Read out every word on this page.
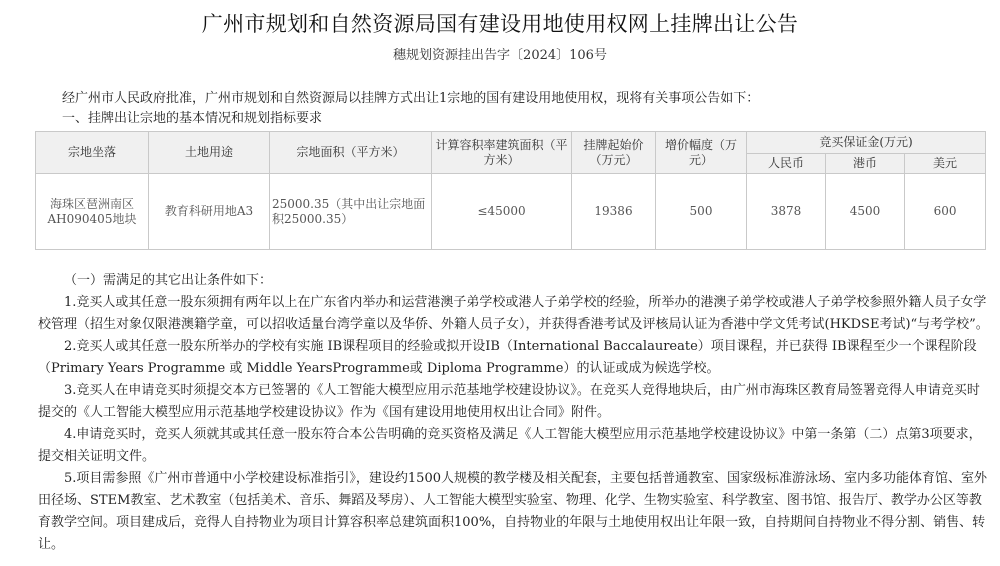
广州市规划和自然资源局国有建设用地使用权网上挂牌出让公告
穗规划资源挂出告字〔2024〕106号
经广州市人民政府批准，广州市规划和自然资源局以挂牌方式出让1宗地的国有建设用地使用权，现将有关事项公告如下：
一、挂牌出让宗地的基本情况和规划指标要求
宗地坐落	土地用途	宗地面积（平方米）	计算容积率建筑面积（平方米）	挂牌起始价（万元）	增价幅度（万元）	竞买保证金(万元)		
						人民币	港币	美元
海珠区琶洲南区AH090405地块	教育科研用地A3	25000.35（其中出让宗地面积25000.35）	≤45000	19386	500	3878	4500	600

（一）需满足的其它出让条件如下：

1.竞买人或其任意一股东须拥有两年以上在广东省内举办和运营港澳子弟学校或港人子弟学校的经验，所举办的港澳子弟学校或港人子弟学校参照外籍人员子女学校管理（招生对象仅限港澳籍学童，可以招收适量台湾学童以及华侨、外籍人员子女），并获得香港考试及评核局认证为香港中学文凭考试(HKDSE考试)“与考学校”。

2.竞买人或其任意一股东所举办的学校有实施 IB课程项目的经验或拟开设IB（International Baccalaureate）项目课程，并已获得 IB课程至少一个课程阶段（Primary Years Programme 或 Middle YearsProgramme或 Diploma Programme）的认证或成为候选学校。

3.竞买人在申请竞买时须提交本方已签署的《人工智能大模型应用示范基地学校建设协议》。在竞买人竞得地块后，由广州市海珠区教育局签署竞得人申请竞买时提交的《人工智能大模型应用示范基地学校建设协议》作为《国有建设用地使用权出让合同》附件。

4.申请竞买时，竞买人须就其或其任意一股东符合本公告明确的竞买资格及满足《人工智能大模型应用示范基地学校建设协议》中第一条第（二）点第3项要求，提交相关证明文件。

5.项目需参照《广州市普通中小学校建设标准指引》，建设约1500人规模的教学楼及相关配套，主要包括普通教室、国家级标准游泳场、室内多功能体育馆、室外田径场、STEM教室、艺术教室（包括美术、音乐、舞蹈及琴房）、人工智能大模型实验室、物理、化学、生物实验室、科学教室、图书馆、报告厅、教学办公区等教育教学空间。项目建成后，竞得人自持物业为项目计算容积率总建筑面积100%，自持物业的年限与土地使用权出让年限一致，自持期间自持物业不得分割、销售、转让。
